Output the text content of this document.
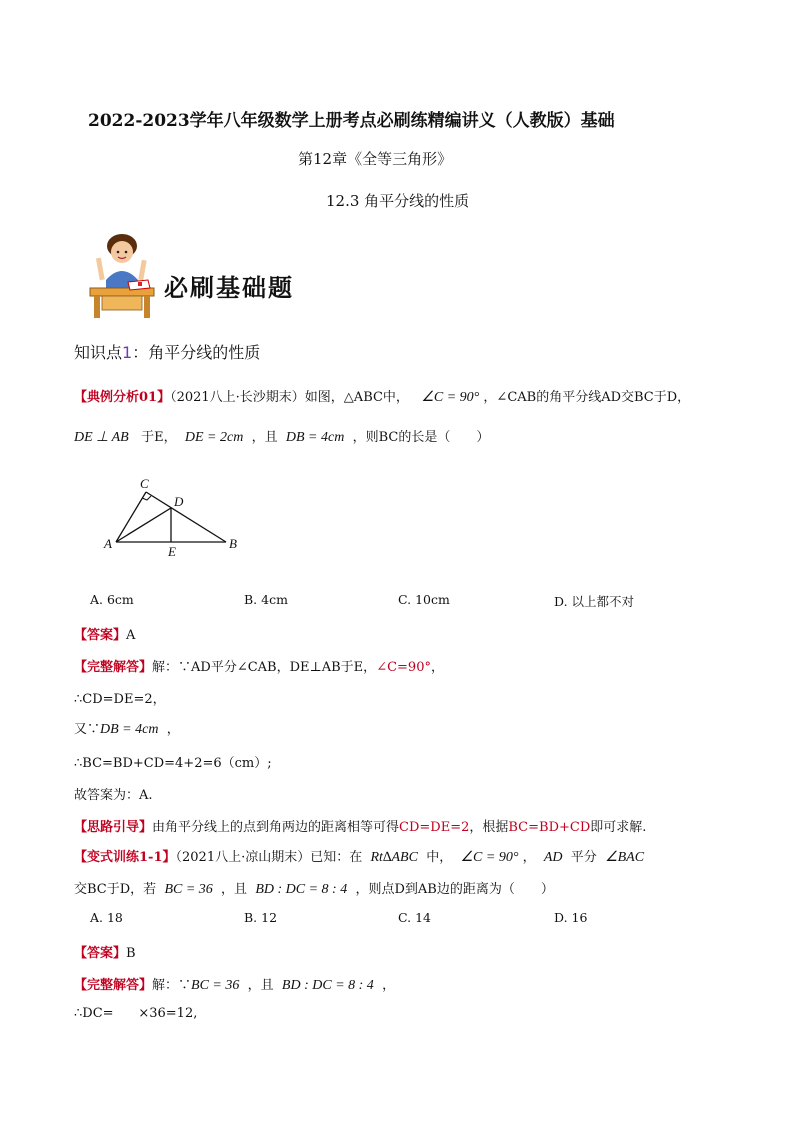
2022-2023学年八年级数学上册考点必刷练精编讲义（人教版）基础
第12章《全等三角形》
12.3 角平分线的性质
必刷基础题
知识点1：角平分线的性质
【典例分析01】（2021八上·长沙期末）如图，△ABC中， ∠C = 90° ，∠CAB的角平分线AD交BC于D，
DE ⊥ AB 于E， DE = 2cm ，且 DB = 4cm ，则BC的长是（　　）
C
D
A
E
B
A. 6cm	B. 4cm	C. 10cm	D. 以上都不对
【答案】A
【完整解答】解：∵AD平分∠CAB，DE⊥AB于E，∠C=90°，
∴CD=DE=2，
又∵DB = 4cm ，
∴BC=BD+CD=4+2=6（cm）;
故答案为：A.
【思路引导】由角平分线上的点到角两边的距离相等可得CD=DE=2，根据BC=BD+CD即可求解.
【变式训练1-1】（2021八上·凉山期末）已知：在 Rt∆ABC 中， ∠C = 90° ， AD 平分 ∠BAC
交BC于D，若 BC = 36 ，且 BD : DC = 8 : 4 ，则点D到AB边的距离为（　　）
A. 18	B. 12	C. 14	D. 16
【答案】B
【完整解答】解：∵BC = 36 ，且 BD : DC = 8 : 4 ，
∴DC= ×36=12,
